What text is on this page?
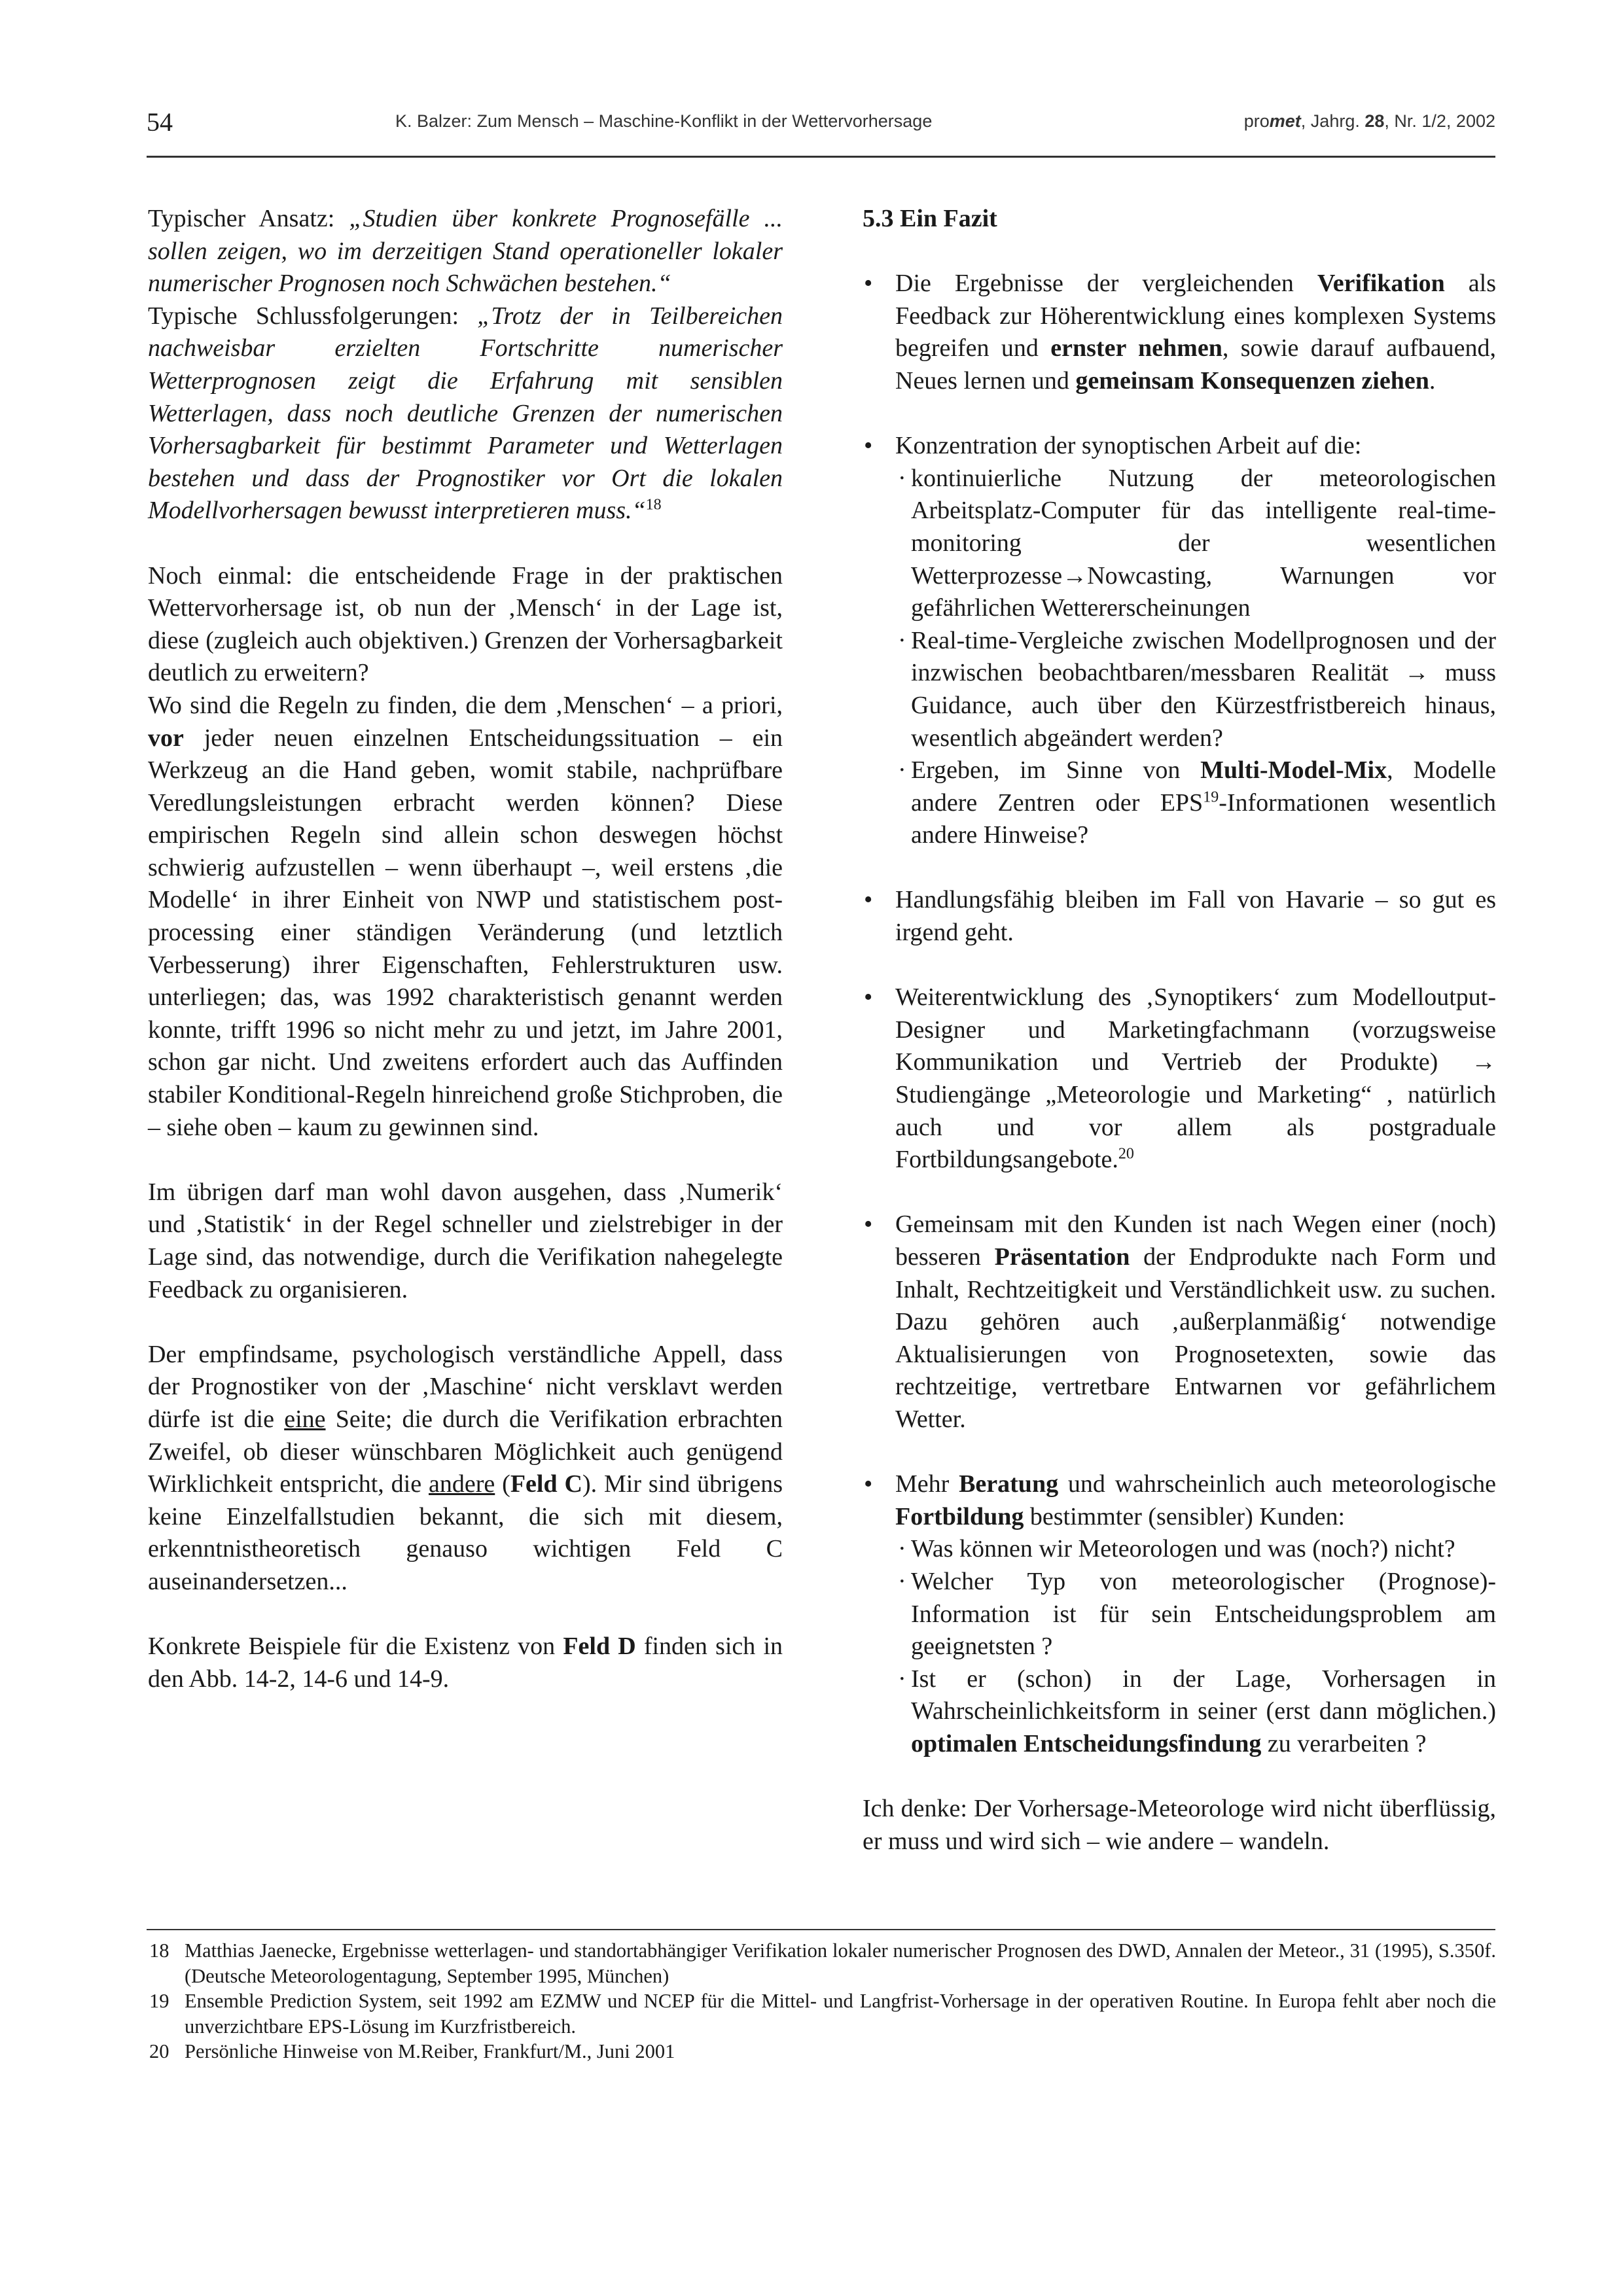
54	K. Balzer: Zum Mensch – Maschine-Konflikt in der Wettervorhersage	promet, Jahrg. 28, Nr. 1/2, 2002

Typischer Ansatz: „Studien über konkrete Prognosefälle ... sollen zeigen, wo im derzeitigen Stand operationeller lokaler numerischer Prognosen noch Schwächen bestehen.“
Typische Schlussfolgerungen: „Trotz der in Teilbereichen nachweisbar erzielten Fortschritte numerischer Wetterprognosen zeigt die Erfahrung mit sensiblen Wetterlagen, dass noch deutliche Grenzen der numerischen Vorhersagbarkeit für bestimmt Parameter und Wetterlagen bestehen und dass der Prognostiker vor Ort die lokalen Modellvorhersagen bewusst interpretieren muss.“$^{18}$

Noch einmal: die entscheidende Frage in der praktischen Wettervorhersage ist, ob nun der ‚Mensch‘ in der Lage ist, diese (zugleich auch objektiven.) Grenzen der Vorhersagbarkeit deutlich zu erweitern?

Wo sind die Regeln zu finden, die dem ‚Menschen‘ – a priori, vor jeder neuen einzelnen Entscheidungssituation – ein Werkzeug an die Hand geben, womit stabile, nachprüfbare Veredlungsleistungen erbracht werden können? Diese empirischen Regeln sind allein schon deswegen höchst schwierig aufzustellen – wenn überhaupt –, weil erstens ‚die Modelle‘ in ihrer Einheit von NWP und statistischem post-processing einer ständigen Veränderung (und letztlich Verbesserung) ihrer Eigenschaften, Fehlerstrukturen usw. unterliegen; das, was 1992 charakteristisch genannt werden konnte, trifft 1996 so nicht mehr zu und jetzt, im Jahre 2001, schon gar nicht. Und zweitens erfordert auch das Auffinden stabiler Konditional-Regeln hinreichend große Stichproben, die – siehe oben – kaum zu gewinnen sind.

Im übrigen darf man wohl davon ausgehen, dass ‚Numerik‘ und ‚Statistik‘ in der Regel schneller und zielstrebiger in der Lage sind, das notwendige, durch die Verifikation nahegelegte Feedback zu organisieren.

Der empfindsame, psychologisch verständliche Appell, dass der Prognostiker von der ‚Maschine‘ nicht versklavt werden dürfe ist die eine Seite; die durch die Verifikation erbrachten Zweifel, ob dieser wünschbaren Möglichkeit auch genügend Wirklichkeit entspricht, die andere (Feld C). Mir sind übrigens keine Einzelfallstudien bekannt, die sich mit diesem, erkenntnistheoretisch genauso wichtigen Feld C auseinandersetzen...

Konkrete Beispiele für die Existenz von Feld D finden sich in den Abb. 14-2, 14-6 und 14-9.

5.3 Ein Fazit

• Die Ergebnisse der vergleichenden Verifikation als Feedback zur Höherentwicklung eines komplexen Systems begreifen und ernster nehmen, sowie darauf aufbauend, Neues lernen und gemeinsam Konsequenzen ziehen.

• Konzentration der synoptischen Arbeit auf die:

· kontinuierliche Nutzung der meteorologischen Arbeitsplatz-Computer für das intelligente real-time-monitoring der wesentlichen Wetterprozesse→Nowcasting, Warnungen vor gefährlichen Wettererscheinungen

· Real-time-Vergleiche zwischen Modellprognosen und der inzwischen beobachtbaren/messbaren Realität → muss Guidance, auch über den Kürzestfristbereich hinaus, wesentlich abgeändert werden?

· Ergeben, im Sinne von Multi-Model-Mix, Modelle andere Zentren oder EPS$^{19}$-Informationen wesentlich andere Hinweise?

• Handlungsfähig bleiben im Fall von Havarie – so gut es irgend geht.

• Weiterentwicklung des ‚Synoptikers‘ zum Modelloutput-Designer und Marketingfachmann (vorzugsweise Kommunikation und Vertrieb der Produkte) → Studiengänge „Meteorologie und Marketing“ , natürlich auch und vor allem als postgraduale Fortbildungsangebote.$^{20}$

• Gemeinsam mit den Kunden ist nach Wegen einer (noch) besseren Präsentation der Endprodukte nach Form und Inhalt, Rechtzeitigkeit und Verständlichkeit usw. zu suchen. Dazu gehören auch ‚außerplanmäßig‘ notwendige Aktualisierungen von Prognosetexten, sowie das rechtzeitige, vertretbare Entwarnen vor gefährlichem Wetter.

• Mehr Beratung und wahrscheinlich auch meteorologische Fortbildung bestimmter (sensibler) Kunden:

· Was können wir Meteorologen und was (noch?) nicht?

· Welcher Typ von meteorologischer (Prognose)-Information ist für sein Entscheidungsproblem am geeignetsten ?

· Ist er (schon) in der Lage, Vorhersagen in Wahrscheinlichkeitsform in seiner (erst dann möglichen.) optimalen Entscheidungsfindung zu verarbeiten ?

Ich denke: Der Vorhersage-Meteorologe wird nicht überflüssig, er muss und wird sich – wie andere – wandeln.

18 Matthias Jaenecke, Ergebnisse wetterlagen- und standortabhängiger Verifikation lokaler numerischer Prognosen des DWD, Annalen der Meteor., 31 (1995), S.350f. (Deutsche Meteorologentagung, September 1995, München)
19 Ensemble Prediction System, seit 1992 am EZMW und NCEP für die Mittel- und Langfrist-Vorhersage in der operativen Routine. In Europa fehlt aber noch die unverzichtbare EPS-Lösung im Kurzfristbereich.
20 Persönliche Hinweise von M.Reiber, Frankfurt/M., Juni 2001
